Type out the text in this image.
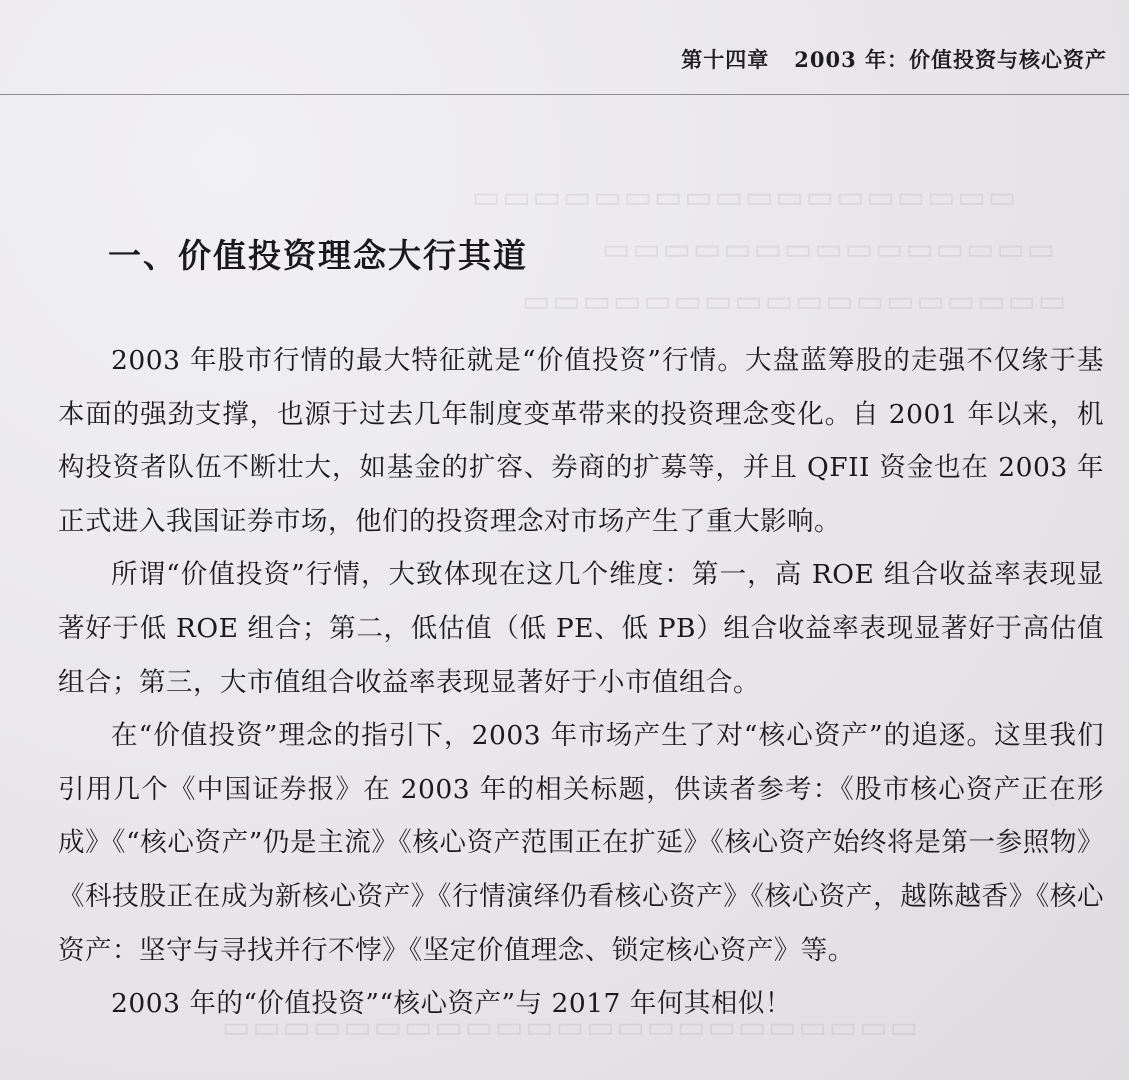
▭▭▭▭▭▭▭▭▭▭▭▭▭▭▭▭▭▭
▭▭▭▭▭▭▭▭▭▭▭▭▭▭▭
▭▭▭▭▭▭▭▭▭▭▭▭▭▭▭▭▭▭
▭▭▭▭▭▭▭▭▭▭▭▭▭▭▭▭▭▭▭▭▭▭▭
第十四章 2003 年：价值投资与核心资产
一、价值投资理念大行其道

2003 年股市行情的最大特征就是“价值投资”行情。大盘蓝筹股的走强不仅缘于基本面的强劲支撑，也源于过去几年制度变革带来的投资理念变化。自 2001 年以来，机构投资者队伍不断壮大，如基金的扩容、券商的扩募等，并且 QFII 资金也在 2003 年正式进入我国证券市场，他们的投资理念对市场产生了重大影响。

所谓“价值投资”行情，大致体现在这几个维度：第一，高 ROE 组合收益率表现显著好于低 ROE 组合；第二，低估值（低 PE、低 PB）组合收益率表现显著好于高估值组合；第三，大市值组合收益率表现显著好于小市值组合。

在“价值投资”理念的指引下，2003 年市场产生了对“核心资产”的追逐。这里我们引用几个《中国证券报》在 2003 年的相关标题，供读者参考：《股市核心资产正在形成》《“核心资产”仍是主流》《核心资产范围正在扩延》《核心资产始终将是第一参照物》《科技股正在成为新核心资产》《行情演绎仍看核心资产》《核心资产，越陈越香》《核心资产：坚守与寻找并行不悖》《坚定价值理念、锁定核心资产》等。

2003 年的“价值投资”“核心资产”与 2017 年何其相似！
